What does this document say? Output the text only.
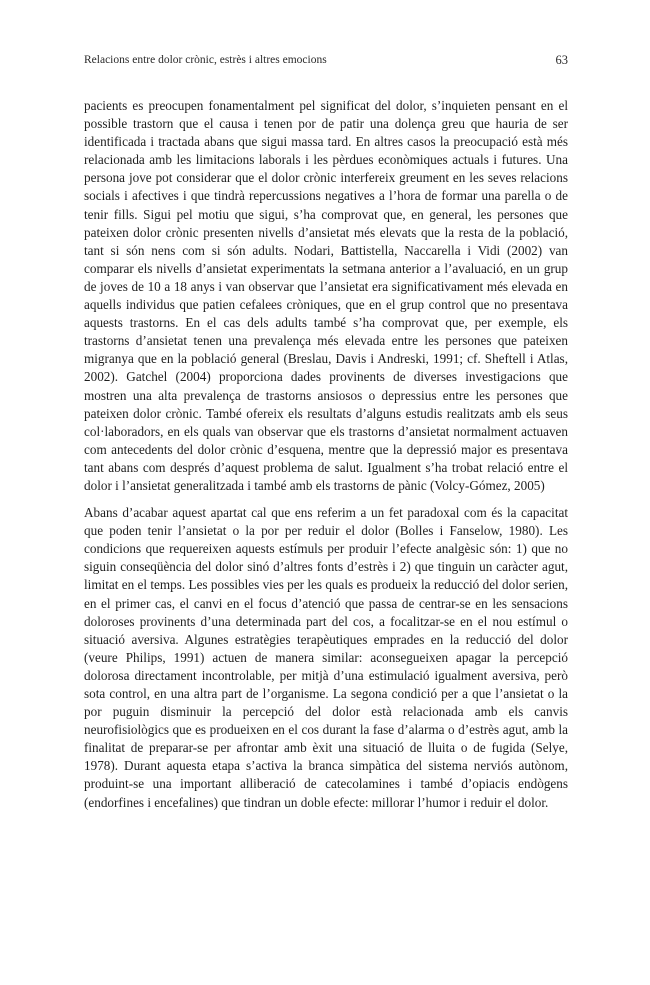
Relacions entre dolor crònic, estrès i altres emocions	63

pacients es preocupen fonamentalment pel significat del dolor, s’inquieten pensant en el possible trastorn que el causa i tenen por de patir una dolença greu que hauria de ser identificada i tractada abans que sigui massa tard. En altres casos la preocupació està més relacionada amb les limitacions laborals i les pèrdues econòmiques actuals i futures. Una persona jove pot considerar que el dolor crònic interfereix greument en les seves relacions socials i afectives i que tindrà repercussions negatives a l’hora de formar una parella o de tenir fills. Sigui pel motiu que sigui, s’ha comprovat que, en general, les persones que pateixen dolor crònic presenten nivells d’ansietat més elevats que la resta de la població, tant si són nens com si són adults. Nodari, Battistella, Naccarella i Vidi (2002) van comparar els nivells d’ansietat experimentats la setmana anterior a l’avaluació, en un grup de joves de 10 a 18 anys i van observar que l’ansietat era significativament més elevada en aquells individus que patien cefalees cròniques, que en el grup control que no presentava aquests trastorns. En el cas dels adults també s’ha comprovat que, per exemple, els trastorns d’ansietat tenen una prevalença més elevada entre les persones que pateixen migranya que en la població general (Breslau, Davis i Andreski, 1991; cf. Sheftell i Atlas, 2002). Gatchel (2004) proporciona dades provinents de diverses investigacions que mostren una alta prevalença de trastorns ansiosos o depressius entre les persones que pateixen dolor crònic. També ofereix els resultats d’alguns estudis realitzats amb els seus col·laboradors, en els quals van observar que els trastorns d’ansietat normalment actuaven com antecedents del dolor crònic d’esquena, mentre que la depressió major es presentava tant abans com després d’aquest problema de salut. Igualment s’ha trobat relació entre el dolor i l’ansietat generalitzada i també amb els trastorns de pànic (Volcy-Gómez, 2005)

Abans d’acabar aquest apartat cal que ens referim a un fet paradoxal com és la capacitat que poden tenir l’ansietat o la por per reduir el dolor (Bolles i Fanselow, 1980). Les condicions que requereixen aquests estímuls per produir l’efecte analgèsic són: 1) que no siguin conseqüència del dolor sinó d’altres fonts d’estrès i 2) que tinguin un caràcter agut, limitat en el temps. Les possibles vies per les quals es produeix la reducció del dolor serien, en el primer cas, el canvi en el focus d’atenció que passa de centrar-se en les sensacions doloroses provinents d’una determinada part del cos, a focalitzar-se en el nou estímul o situació aversiva. Algunes estratègies terapèutiques emprades en la reducció del dolor (veure Philips, 1991) actuen de manera similar: aconsegueixen apagar la percepció dolorosa directament incontrolable, per mitjà d’una estimulació igualment aversiva, però sota control, en una altra part de l’organisme. La segona condició per a que l’ansietat o la por puguin disminuir la percepció del dolor està relacionada amb els canvis neurofisiològics que es produeixen en el cos durant la fase d’alarma o d’estrès agut, amb la finalitat de preparar-se per afrontar amb èxit una situació de lluita o de fugida (Selye, 1978). Durant aquesta etapa s’activa la branca simpàtica del sistema nerviós autònom, produint-se una important alliberació de catecolamines i també d’opiacis endògens (endorfines i encefalines) que tindran un doble efecte: millorar l’humor i reduir el dolor.
